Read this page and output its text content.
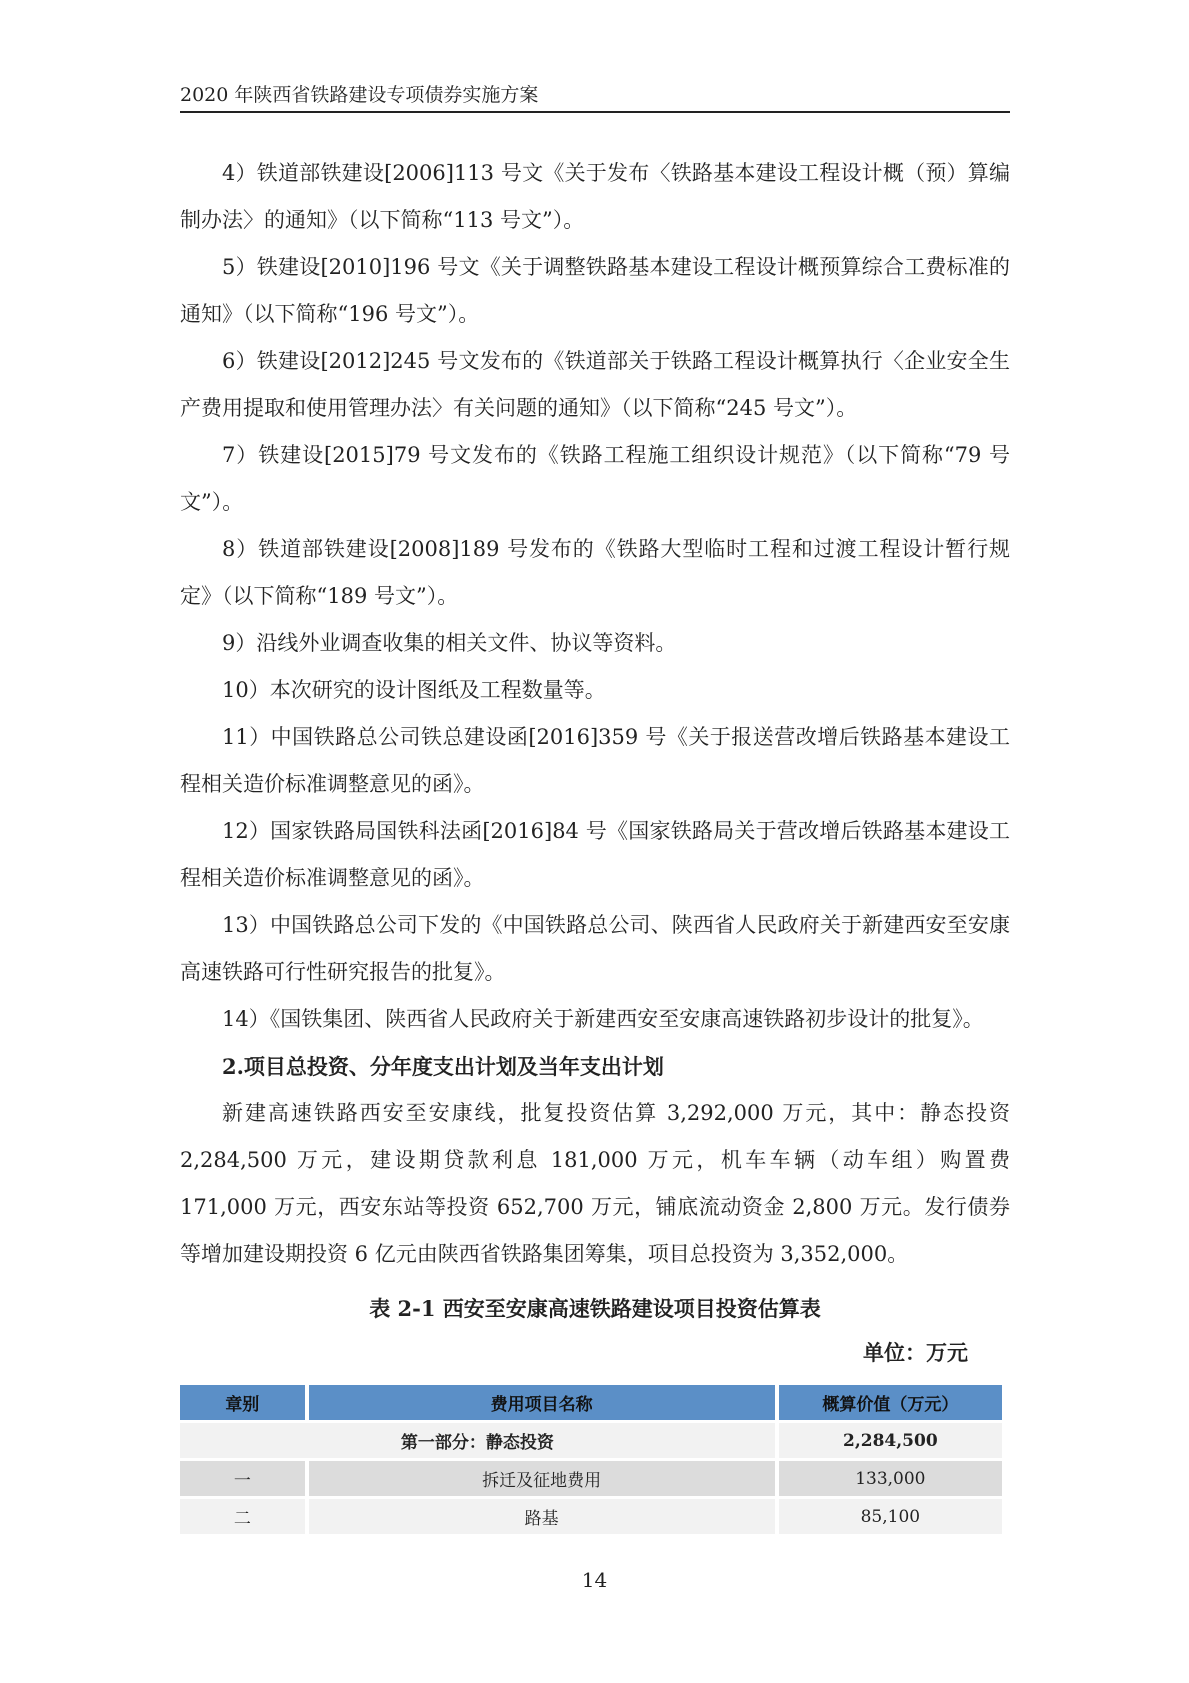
2020 年陕西省铁路建设专项债券实施方案

4）铁道部铁建设[2006]113 号文《关于发布〈铁路基本建设工程设计概（预）算编制办法〉的通知》（以下简称“113 号文”）。

5）铁建设[2010]196 号文《关于调整铁路基本建设工程设计概预算综合工费标准的通知》（以下简称“196 号文”）。

6）铁建设[2012]245 号文发布的《铁道部关于铁路工程设计概算执行〈企业安全生产费用提取和使用管理办法〉有关问题的通知》（以下简称“245 号文”）。

7）铁建设[2015]79 号文发布的《铁路工程施工组织设计规范》（以下简称“79 号文”）。

8）铁道部铁建设[2008]189 号发布的《铁路大型临时工程和过渡工程设计暂行规定》（以下简称“189 号文”）。

9）沿线外业调查收集的相关文件、协议等资料。

10）本次研究的设计图纸及工程数量等。

11）中国铁路总公司铁总建设函[2016]359 号《关于报送营改增后铁路基本建设工程相关造价标准调整意见的函》。

12）国家铁路局国铁科法函[2016]84 号《国家铁路局关于营改增后铁路基本建设工程相关造价标准调整意见的函》。

13）中国铁路总公司下发的《中国铁路总公司、陕西省人民政府关于新建西安至安康高速铁路可行性研究报告的批复》。

14）《国铁集团、陕西省人民政府关于新建西安至安康高速铁路初步设计的批复》。

2.项目总投资、分年度支出计划及当年支出计划

新建高速铁路西安至安康线，批复投资估算 3,292,000 万元，其中：静态投资 2,284,500 万元，建设期贷款利息 181,000 万元，机车车辆（动车组）购置费 171,000 万元，西安东站等投资 652,700 万元，铺底流动资金 2,800 万元。发行债券等增加建设期投资 6 亿元由陕西省铁路集团筹集，项目总投资为 3,352,000。

表 2-1 西安至安康高速铁路建设项目投资估算表
单位：万元
章别	费用项目名称	概算价值（万元）
第一部分：静态投资		2,284,500
一	拆迁及征地费用	133,000
二	路基	85,100
14
